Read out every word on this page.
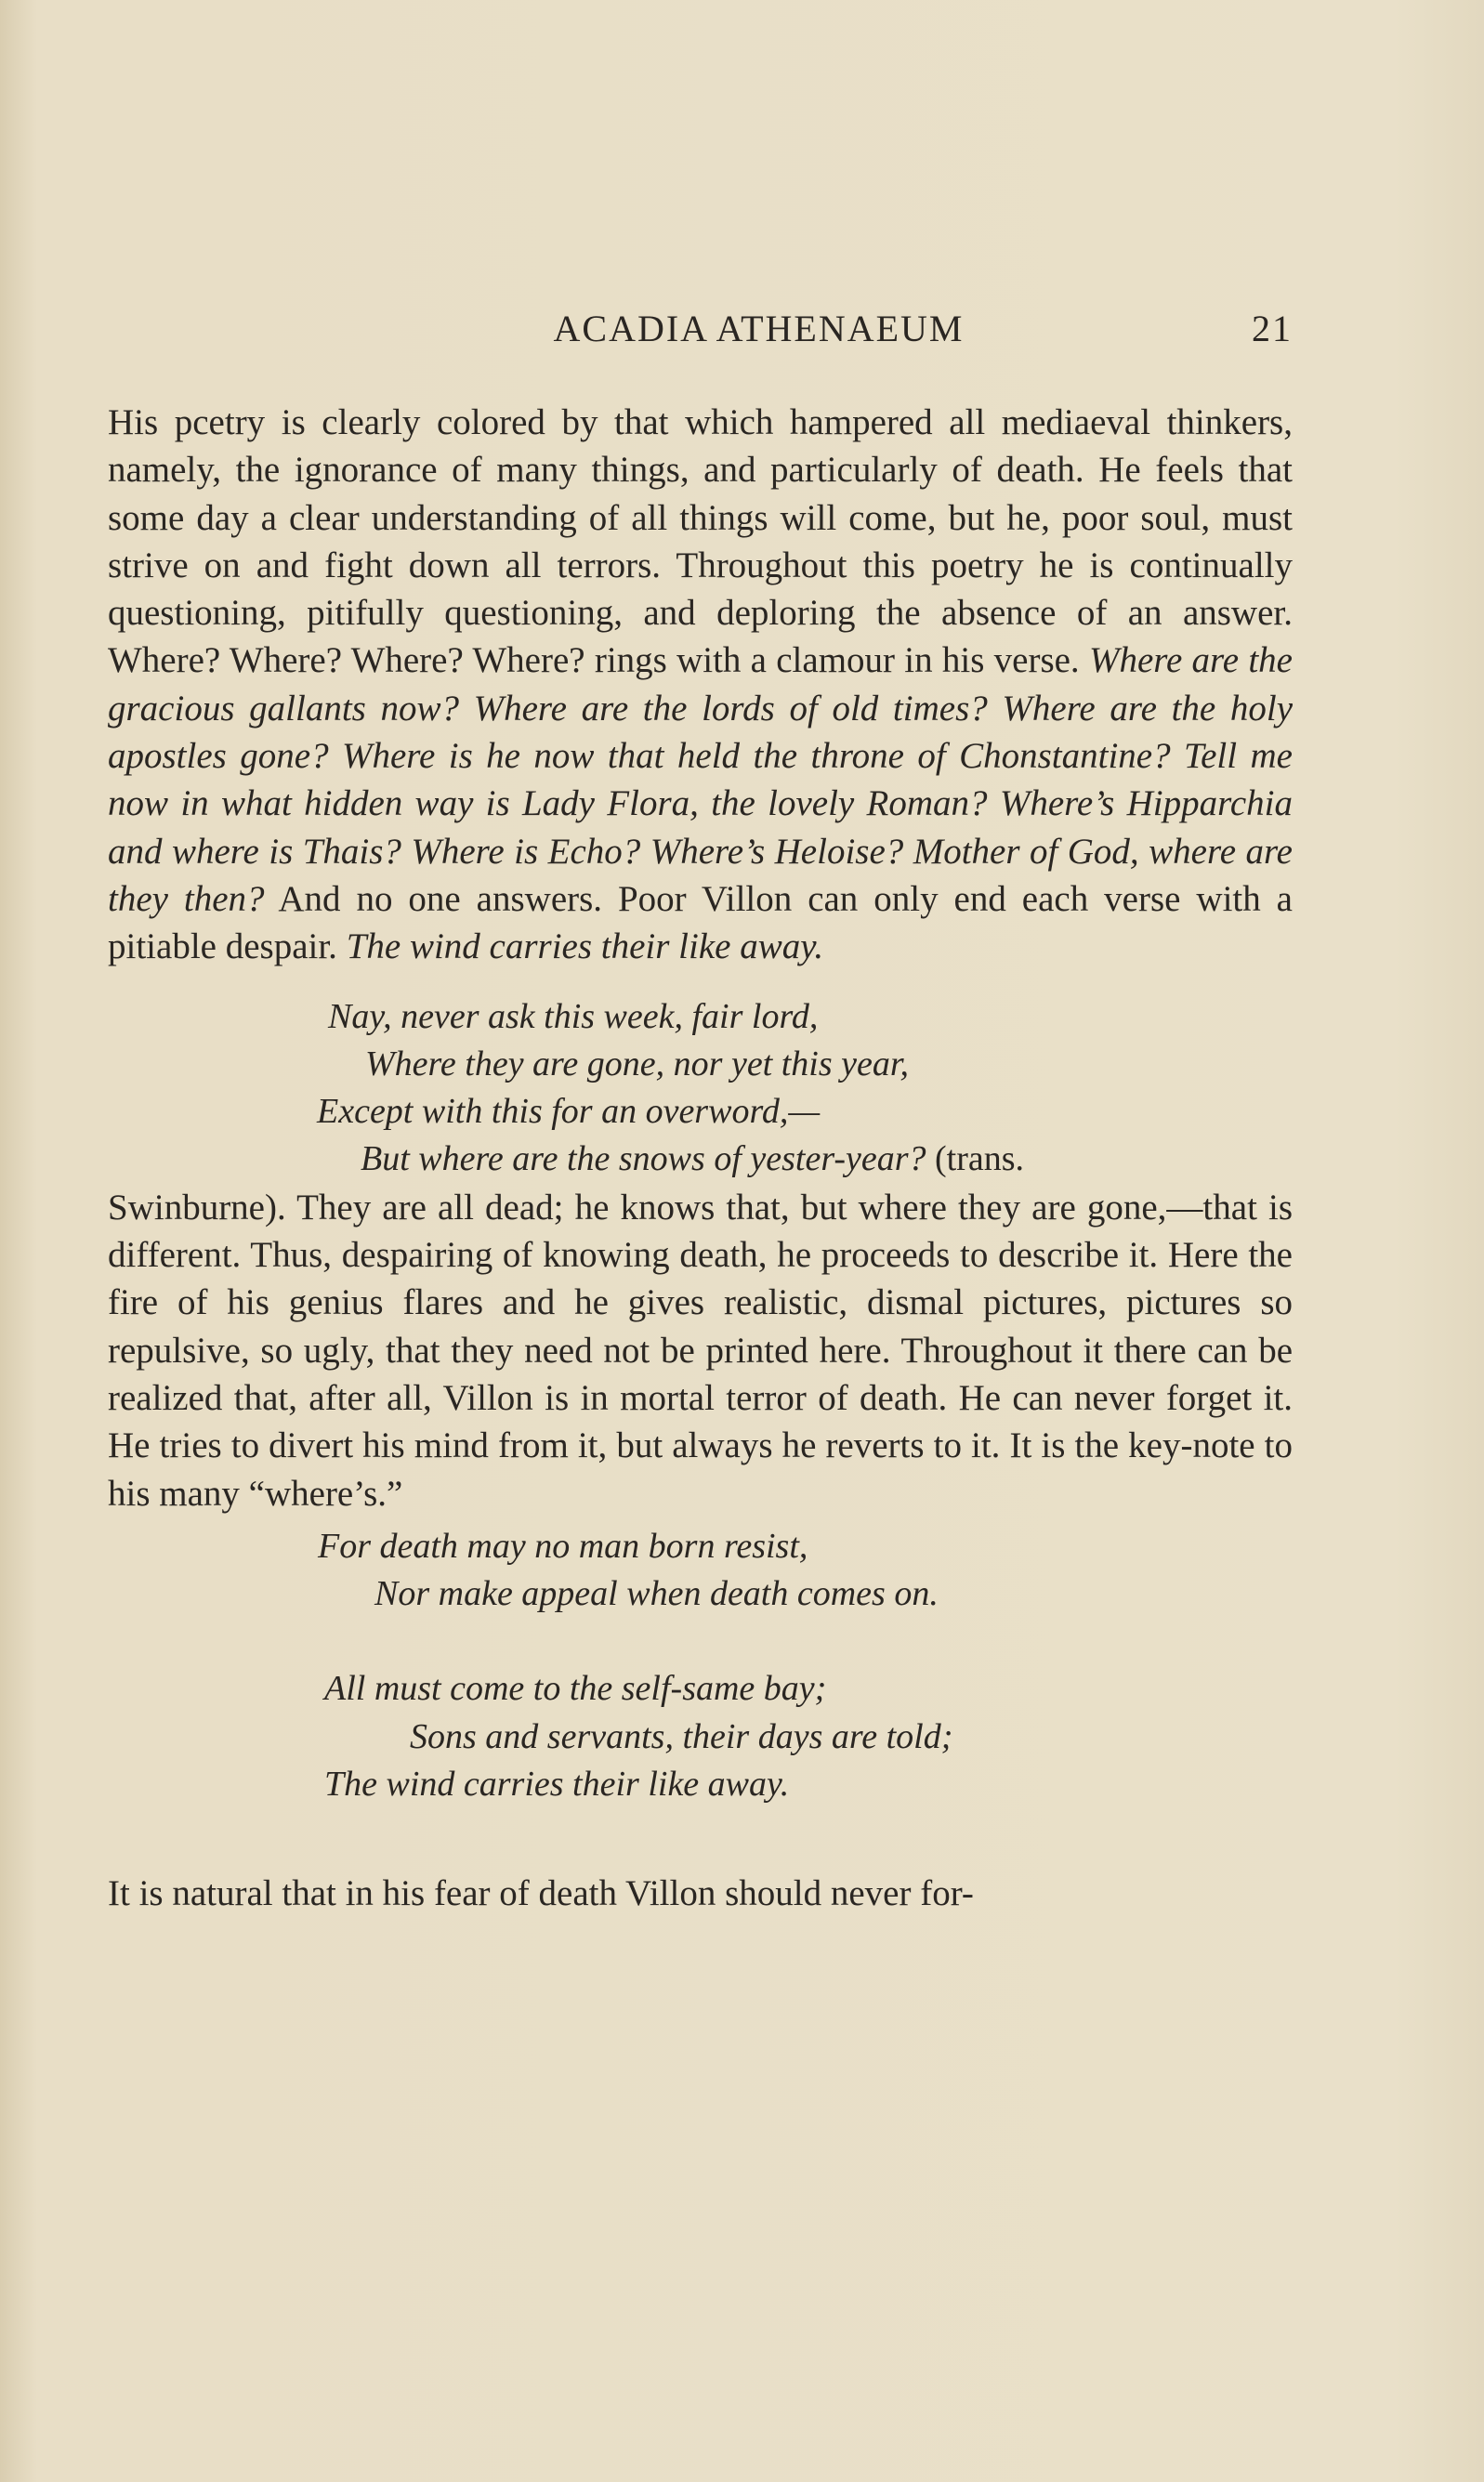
ACADIA ATHENAEUM	21

His pcetry is clearly colored by that which hampered all mediaeval thinkers, namely, the ignorance of many things, and particularly of death. He feels that some day a clear understanding of all things will come, but he, poor soul, must strive on and fight down all terrors. Throughout this poetry he is continually questioning, pitifully questioning, and deploring the absence of an answer. Where? Where? Where? Where? rings with a clamour in his verse. Where are the gracious gallants now? Where are the lords of old times? Where are the holy apostles gone? Where is he now that held the throne of Chonstantine? Tell me now in what hidden way is Lady Flora, the lovely Roman? Where’s Hipparchia and where is Thais? Where is Echo? Where’s Heloise? Mother of God, where are they then? And no one answers. Poor Villon can only end each verse with a pitiable despair. The wind carries their like away.

Nay, never ask this week, fair lord,
Where they are gone, nor yet this year,
Except with this for an overword,—
But where are the snows of yester-year? (trans.

Swinburne). They are all dead; he knows that, but where they are gone,—that is different. Thus, despairing of knowing death, he proceeds to describe it. Here the fire of his genius flares and he gives realistic, dismal pictures, pictures so repulsive, so ugly, that they need not be printed here. Throughout it there can be realized that, after all, Villon is in mortal terror of death. He can never forget it. He tries to divert his mind from it, but always he reverts to it. It is the key-note to his many “where’s.”

For death may no man born resist,
Nor make appeal when death comes on.
All must come to the self-same bay;
Sons and servants, their days are told;
The wind carries their like away.

It is natural that in his fear of death Villon should never for-
